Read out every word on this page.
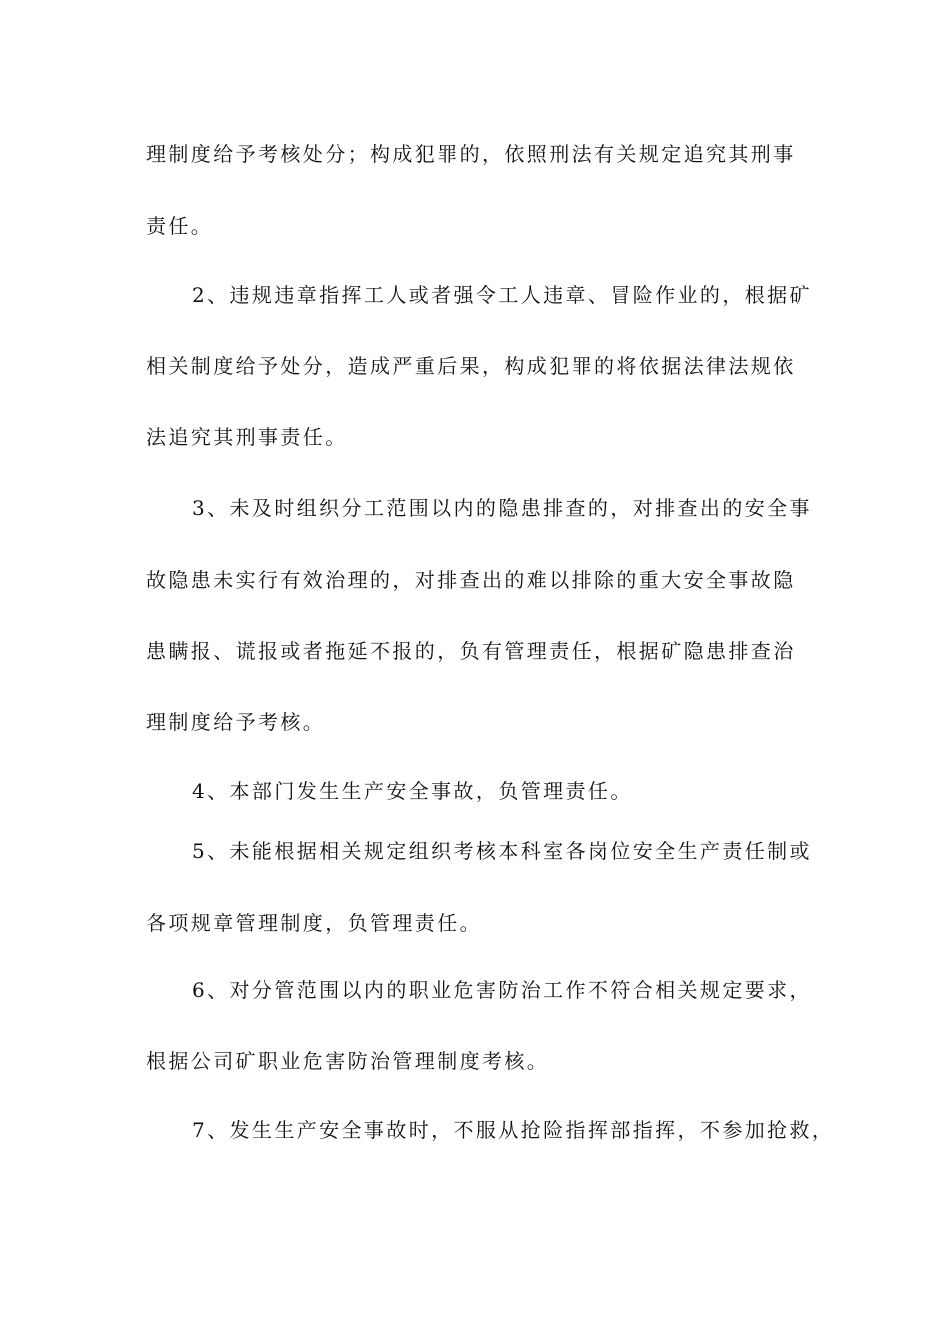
理制度给予考核处分；构成犯罪的，依照刑法有关规定追究其刑事

责任。

2、违规违章指挥工人或者强令工人违章、冒险作业的，根据矿

相关制度给予处分，造成严重后果，构成犯罪的将依据法律法规依

法追究其刑事责任。

3、未及时组织分工范围以内的隐患排查的，对排查出的安全事

故隐患未实行有效治理的，对排查出的难以排除的重大安全事故隐

患瞒报、谎报或者拖延不报的，负有管理责任，根据矿隐患排查治

理制度给予考核。

4、本部门发生生产安全事故，负管理责任。

5、未能根据相关规定组织考核本科室各岗位安全生产责任制或

各项规章管理制度，负管理责任。

6、对分管范围以内的职业危害防治工作不符合相关规定要求，

根据公司矿职业危害防治管理制度考核。

7、发生生产安全事故时，不服从抢险指挥部指挥，不参加抢救，
